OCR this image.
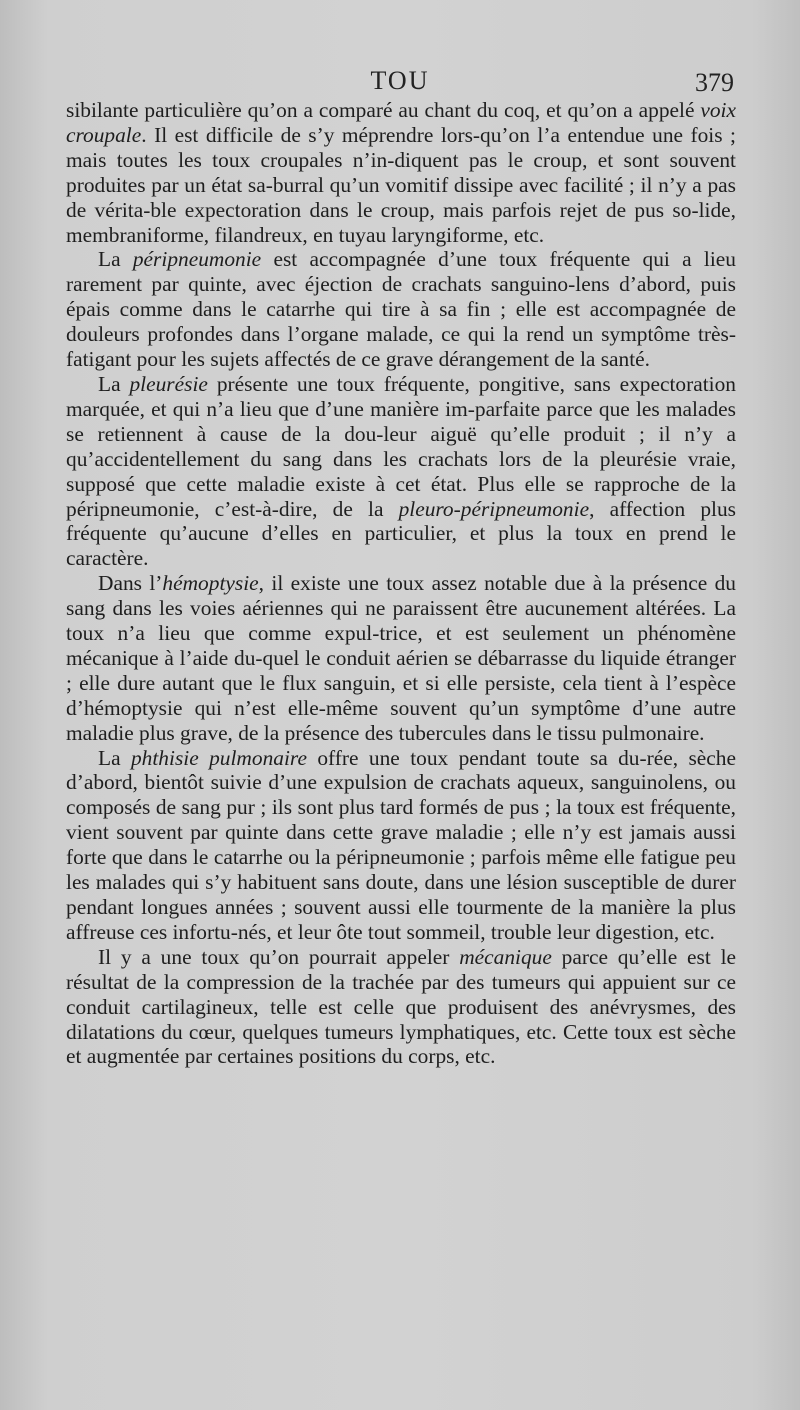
TOU	379

sibilante particulière qu’on a comparé au chant du coq, et qu’on a appelé voix croupale. Il est difficile de s’y méprendre lors-qu’on l’a entendue une fois ; mais toutes les toux croupales n’in-diquent pas le croup, et sont souvent produites par un état sa-burral qu’un vomitif dissipe avec facilité ; il n’y a pas de vérita-ble expectoration dans le croup, mais parfois rejet de pus so-lide, membraniforme, filandreux, en tuyau laryngiforme, etc.

La péripneumonie est accompagnée d’une toux fréquente qui a lieu rarement par quinte, avec éjection de crachats sanguino-lens d’abord, puis épais comme dans le catarrhe qui tire à sa fin ; elle est accompagnée de douleurs profondes dans l’organe malade, ce qui la rend un symptôme très-fatigant pour les sujets affectés de ce grave dérangement de la santé.

La pleurésie présente une toux fréquente, pongitive, sans expectoration marquée, et qui n’a lieu que d’une manière im-parfaite parce que les malades se retiennent à cause de la dou-leur aiguë qu’elle produit ; il n’y a qu’accidentellement du sang dans les crachats lors de la pleurésie vraie, supposé que cette maladie existe à cet état. Plus elle se rapproche de la péripneumonie, c’est-à-dire, de la pleuro-péripneumonie, affection plus fréquente qu’aucune d’elles en particulier, et plus la toux en prend le caractère.

Dans l’hémoptysie, il existe une toux assez notable due à la présence du sang dans les voies aériennes qui ne paraissent être aucunement altérées. La toux n’a lieu que comme expul-trice, et est seulement un phénomène mécanique à l’aide du-quel le conduit aérien se débarrasse du liquide étranger ; elle dure autant que le flux sanguin, et si elle persiste, cela tient à l’espèce d’hémoptysie qui n’est elle-même souvent qu’un symptôme d’une autre maladie plus grave, de la présence des tubercules dans le tissu pulmonaire.

La phthisie pulmonaire offre une toux pendant toute sa du-rée, sèche d’abord, bientôt suivie d’une expulsion de crachats aqueux, sanguinolens, ou composés de sang pur ; ils sont plus tard formés de pus ; la toux est fréquente, vient souvent par quinte dans cette grave maladie ; elle n’y est jamais aussi forte que dans le catarrhe ou la péripneumonie ; parfois même elle fatigue peu les malades qui s’y habituent sans doute, dans une lésion susceptible de durer pendant longues années ; souvent aussi elle tourmente de la manière la plus affreuse ces infortu-nés, et leur ôte tout sommeil, trouble leur digestion, etc.

Il y a une toux qu’on pourrait appeler mécanique parce qu’elle est le résultat de la compression de la trachée par des tumeurs qui appuient sur ce conduit cartilagineux, telle est celle que produisent des anévrysmes, des dilatations du cœur, quelques tumeurs lymphatiques, etc. Cette toux est sèche et augmentée par certaines positions du corps, etc.
